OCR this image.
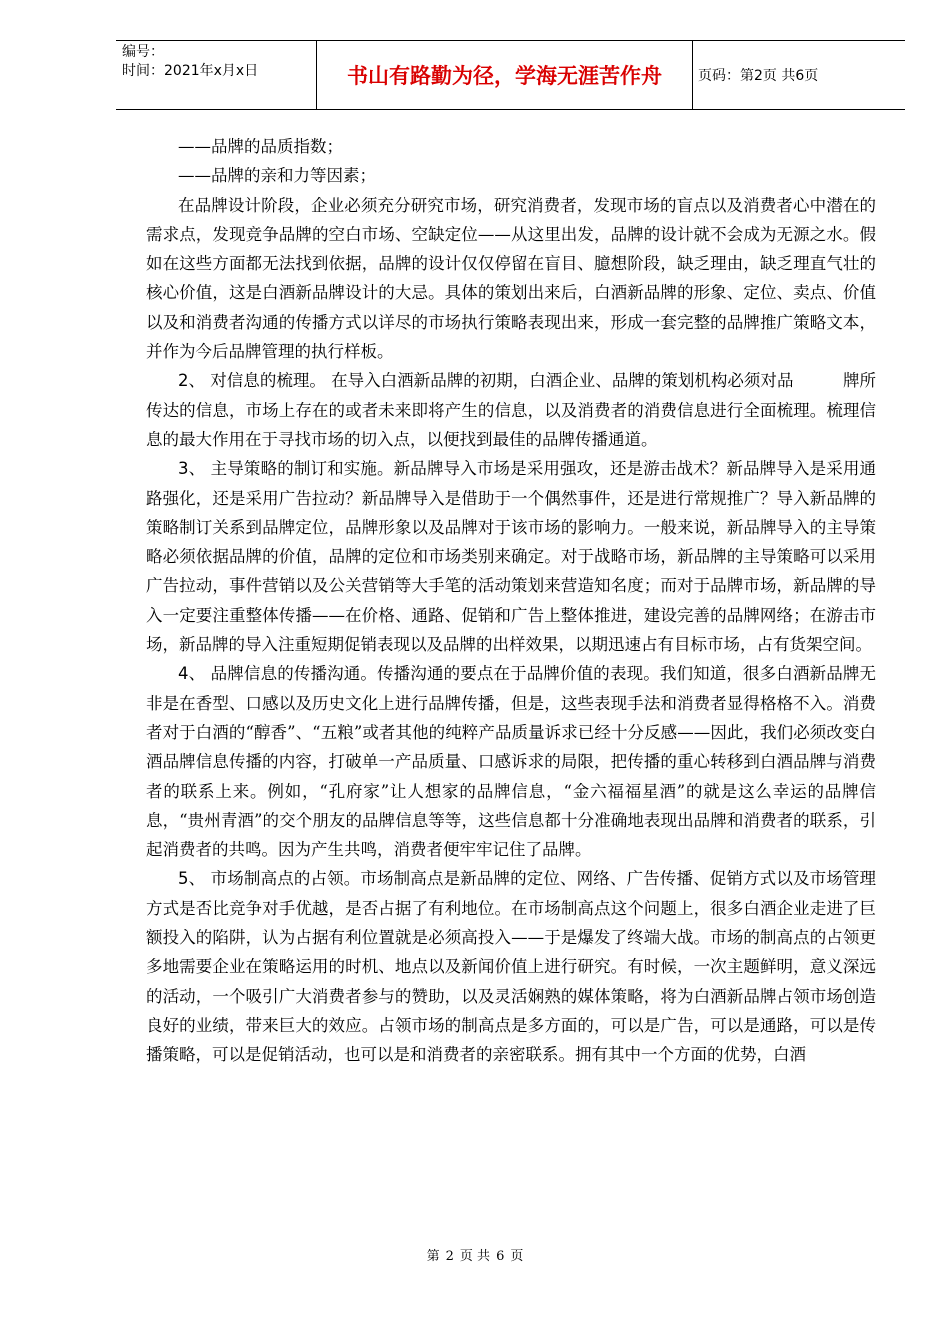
编号：
时间：2021年x月x日	书山有路勤为径，学海无涯苦作舟	页码：第2页 共6页

——品牌的品质指数；

——品牌的亲和力等因素；

在品牌设计阶段，企业必须充分研究市场，研究消费者，发现市场的盲点以及消费者心中潜在的需求点，发现竞争品牌的空白市场、空缺定位——从这里出发，品牌的设计就不会成为无源之水。假如在这些方面都无法找到依据，品牌的设计仅仅停留在盲目、臆想阶段，缺乏理由，缺乏理直气壮的核心价值，这是白酒新品牌设计的大忌。具体的策划出来后，白酒新品牌的形象、定位、卖点、价值以及和消费者沟通的传播方式以详尽的市场执行策略表现出来，形成一套完整的品牌推广策略文本，并作为今后品牌管理的执行样板。

2、 对信息的梳理。 在导入白酒新品牌的初期，白酒企业、品牌的策划机构必须对品　　　牌所传达的信息，市场上存在的或者未来即将产生的信息，以及消费者的消费信息进行全面梳理。梳理信息的最大作用在于寻找市场的切入点，以便找到最佳的品牌传播通道。

3、 主导策略的制订和实施。新品牌导入市场是采用强攻，还是游击战术？新品牌导入是采用通路强化，还是采用广告拉动？新品牌导入是借助于一个偶然事件，还是进行常规推广？导入新品牌的策略制订关系到品牌定位，品牌形象以及品牌对于该市场的影响力。一般来说，新品牌导入的主导策略必须依据品牌的价值，品牌的定位和市场类别来确定。对于战略市场，新品牌的主导策略可以采用广告拉动，事件营销以及公关营销等大手笔的活动策划来营造知名度；而对于品牌市场，新品牌的导入一定要注重整体传播——在价格、通路、促销和广告上整体推进，建设完善的品牌网络；在游击市场，新品牌的导入注重短期促销表现以及品牌的出样效果，以期迅速占有目标市场，占有货架空间。

4、 品牌信息的传播沟通。传播沟通的要点在于品牌价值的表现。我们知道，很多白酒新品牌无非是在香型、口感以及历史文化上进行品牌传播，但是，这些表现手法和消费者显得格格不入。消费者对于白酒的“醇香”、“五粮”或者其他的纯粹产品质量诉求已经十分反感——因此，我们必须改变白酒品牌信息传播的内容，打破单一产品质量、口感诉求的局限，把传播的重心转移到白酒品牌与消费者的联系上来。例如，“孔府家”让人想家的品牌信息，“金六福福星酒”的就是这么幸运的品牌信息，“贵州青酒”的交个朋友的品牌信息等等，这些信息都十分准确地表现出品牌和消费者的联系，引起消费者的共鸣。因为产生共鸣，消费者便牢牢记住了品牌。

5、 市场制高点的占领。市场制高点是新品牌的定位、网络、广告传播、促销方式以及市场管理方式是否比竞争对手优越，是否占据了有利地位。在市场制高点这个问题上，很多白酒企业走进了巨额投入的陷阱，认为占据有利位置就是必须高投入——于是爆发了终端大战。市场的制高点的占领更多地需要企业在策略运用的时机、地点以及新闻价值上进行研究。有时候，一次主题鲜明，意义深远的活动，一个吸引广大消费者参与的赞助，以及灵活娴熟的媒体策略，将为白酒新品牌占领市场创造良好的业绩，带来巨大的效应。占领市场的制高点是多方面的，可以是广告，可以是通路，可以是传播策略，可以是促销活动，也可以是和消费者的亲密联系。拥有其中一个方面的优势，白酒

第 2 页 共 6 页
